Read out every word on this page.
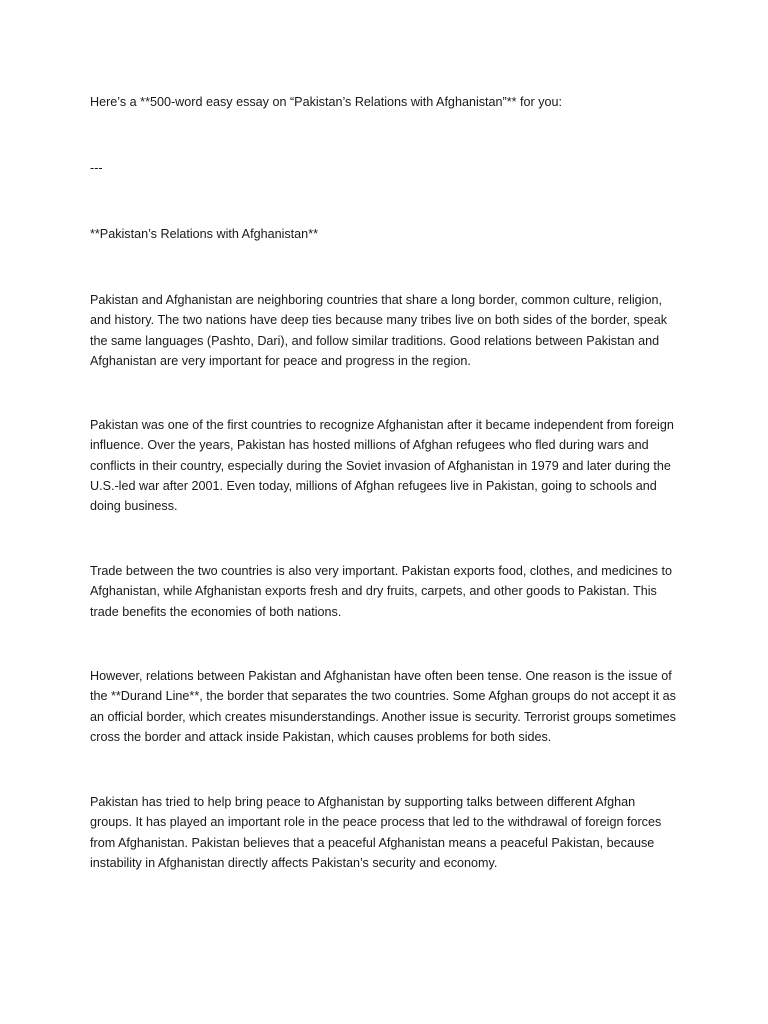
Here’s a **500-word easy essay on “Pakistan’s Relations with Afghanistan”** for you:

---

**Pakistan’s Relations with Afghanistan**

Pakistan and Afghanistan are neighboring countries that share a long border, common culture, religion, and history. The two nations have deep ties because many tribes live on both sides of the border, speak the same languages (Pashto, Dari), and follow similar traditions. Good relations between Pakistan and Afghanistan are very important for peace and progress in the region.

Pakistan was one of the first countries to recognize Afghanistan after it became independent from foreign influence. Over the years, Pakistan has hosted millions of Afghan refugees who fled during wars and conflicts in their country, especially during the Soviet invasion of Afghanistan in 1979 and later during the U.S.-led war after 2001. Even today, millions of Afghan refugees live in Pakistan, going to schools and doing business.

Trade between the two countries is also very important. Pakistan exports food, clothes, and medicines to Afghanistan, while Afghanistan exports fresh and dry fruits, carpets, and other goods to Pakistan. This trade benefits the economies of both nations.

However, relations between Pakistan and Afghanistan have often been tense. One reason is the issue of the **Durand Line**, the border that separates the two countries. Some Afghan groups do not accept it as an official border, which creates misunderstandings. Another issue is security. Terrorist groups sometimes cross the border and attack inside Pakistan, which causes problems for both sides.

Pakistan has tried to help bring peace to Afghanistan by supporting talks between different Afghan groups. It has played an important role in the peace process that led to the withdrawal of foreign forces from Afghanistan. Pakistan believes that a peaceful Afghanistan means a peaceful Pakistan, because instability in Afghanistan directly affects Pakistan’s security and economy.
